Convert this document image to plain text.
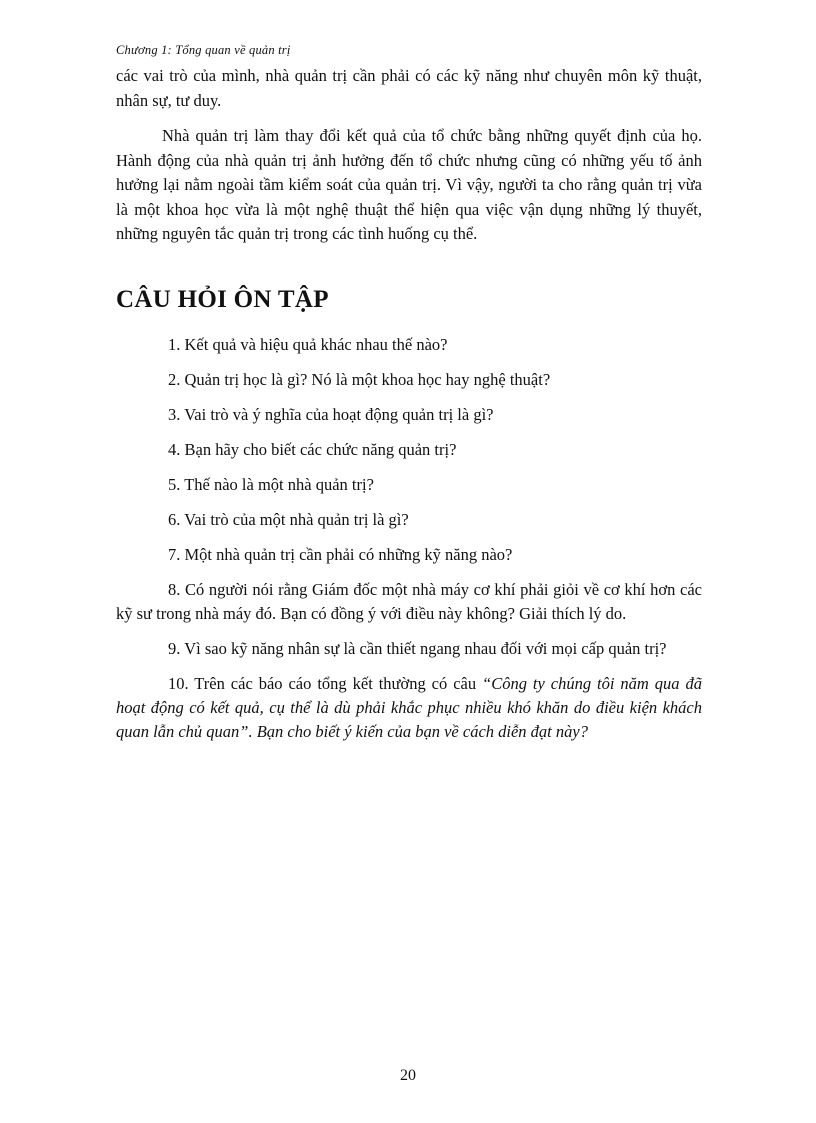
Chương 1: Tổng quan về quản trị
các vai trò của mình, nhà quản trị cần phải có các kỹ năng như chuyên môn kỹ thuật, nhân sự, tư duy.
Nhà quản trị làm thay đổi kết quả của tổ chức bằng những quyết định của họ. Hành động của nhà quản trị ảnh hưởng đến tổ chức nhưng cũng có những yếu tố ảnh hưởng lại nằm ngoài tầm kiểm soát của quản trị. Vì vậy, người ta cho rằng quản trị vừa là một khoa học vừa là một nghệ thuật thể hiện qua việc vận dụng những lý thuyết, những nguyên tắc quản trị trong các tình huống cụ thể.
CÂU HỎI ÔN TẬP

1. Kết quả và hiệu quả khác nhau thế nào?

2. Quản trị học là gì? Nó là một khoa học hay nghệ thuật?

3. Vai trò và ý nghĩa của hoạt động quản trị là gì?

4. Bạn hãy cho biết các chức năng quản trị?

5. Thế nào là một nhà quản trị?

6. Vai trò của một nhà quản trị là gì?

7. Một nhà quản trị cần phải có những kỹ năng nào?

8. Có người nói rằng Giám đốc một nhà máy cơ khí phải giỏi về cơ khí hơn các kỹ sư trong nhà máy đó. Bạn có đồng ý với điều này không? Giải thích lý do.

9. Vì sao kỹ năng nhân sự là cần thiết ngang nhau đối với mọi cấp quản trị?

10. Trên các báo cáo tổng kết thường có câu “Công ty chúng tôi năm qua đã hoạt động có kết quả, cụ thể là dù phải khắc phục nhiều khó khăn do điều kiện khách quan lẫn chủ quan”. Bạn cho biết ý kiến của bạn về cách diễn đạt này?

20
